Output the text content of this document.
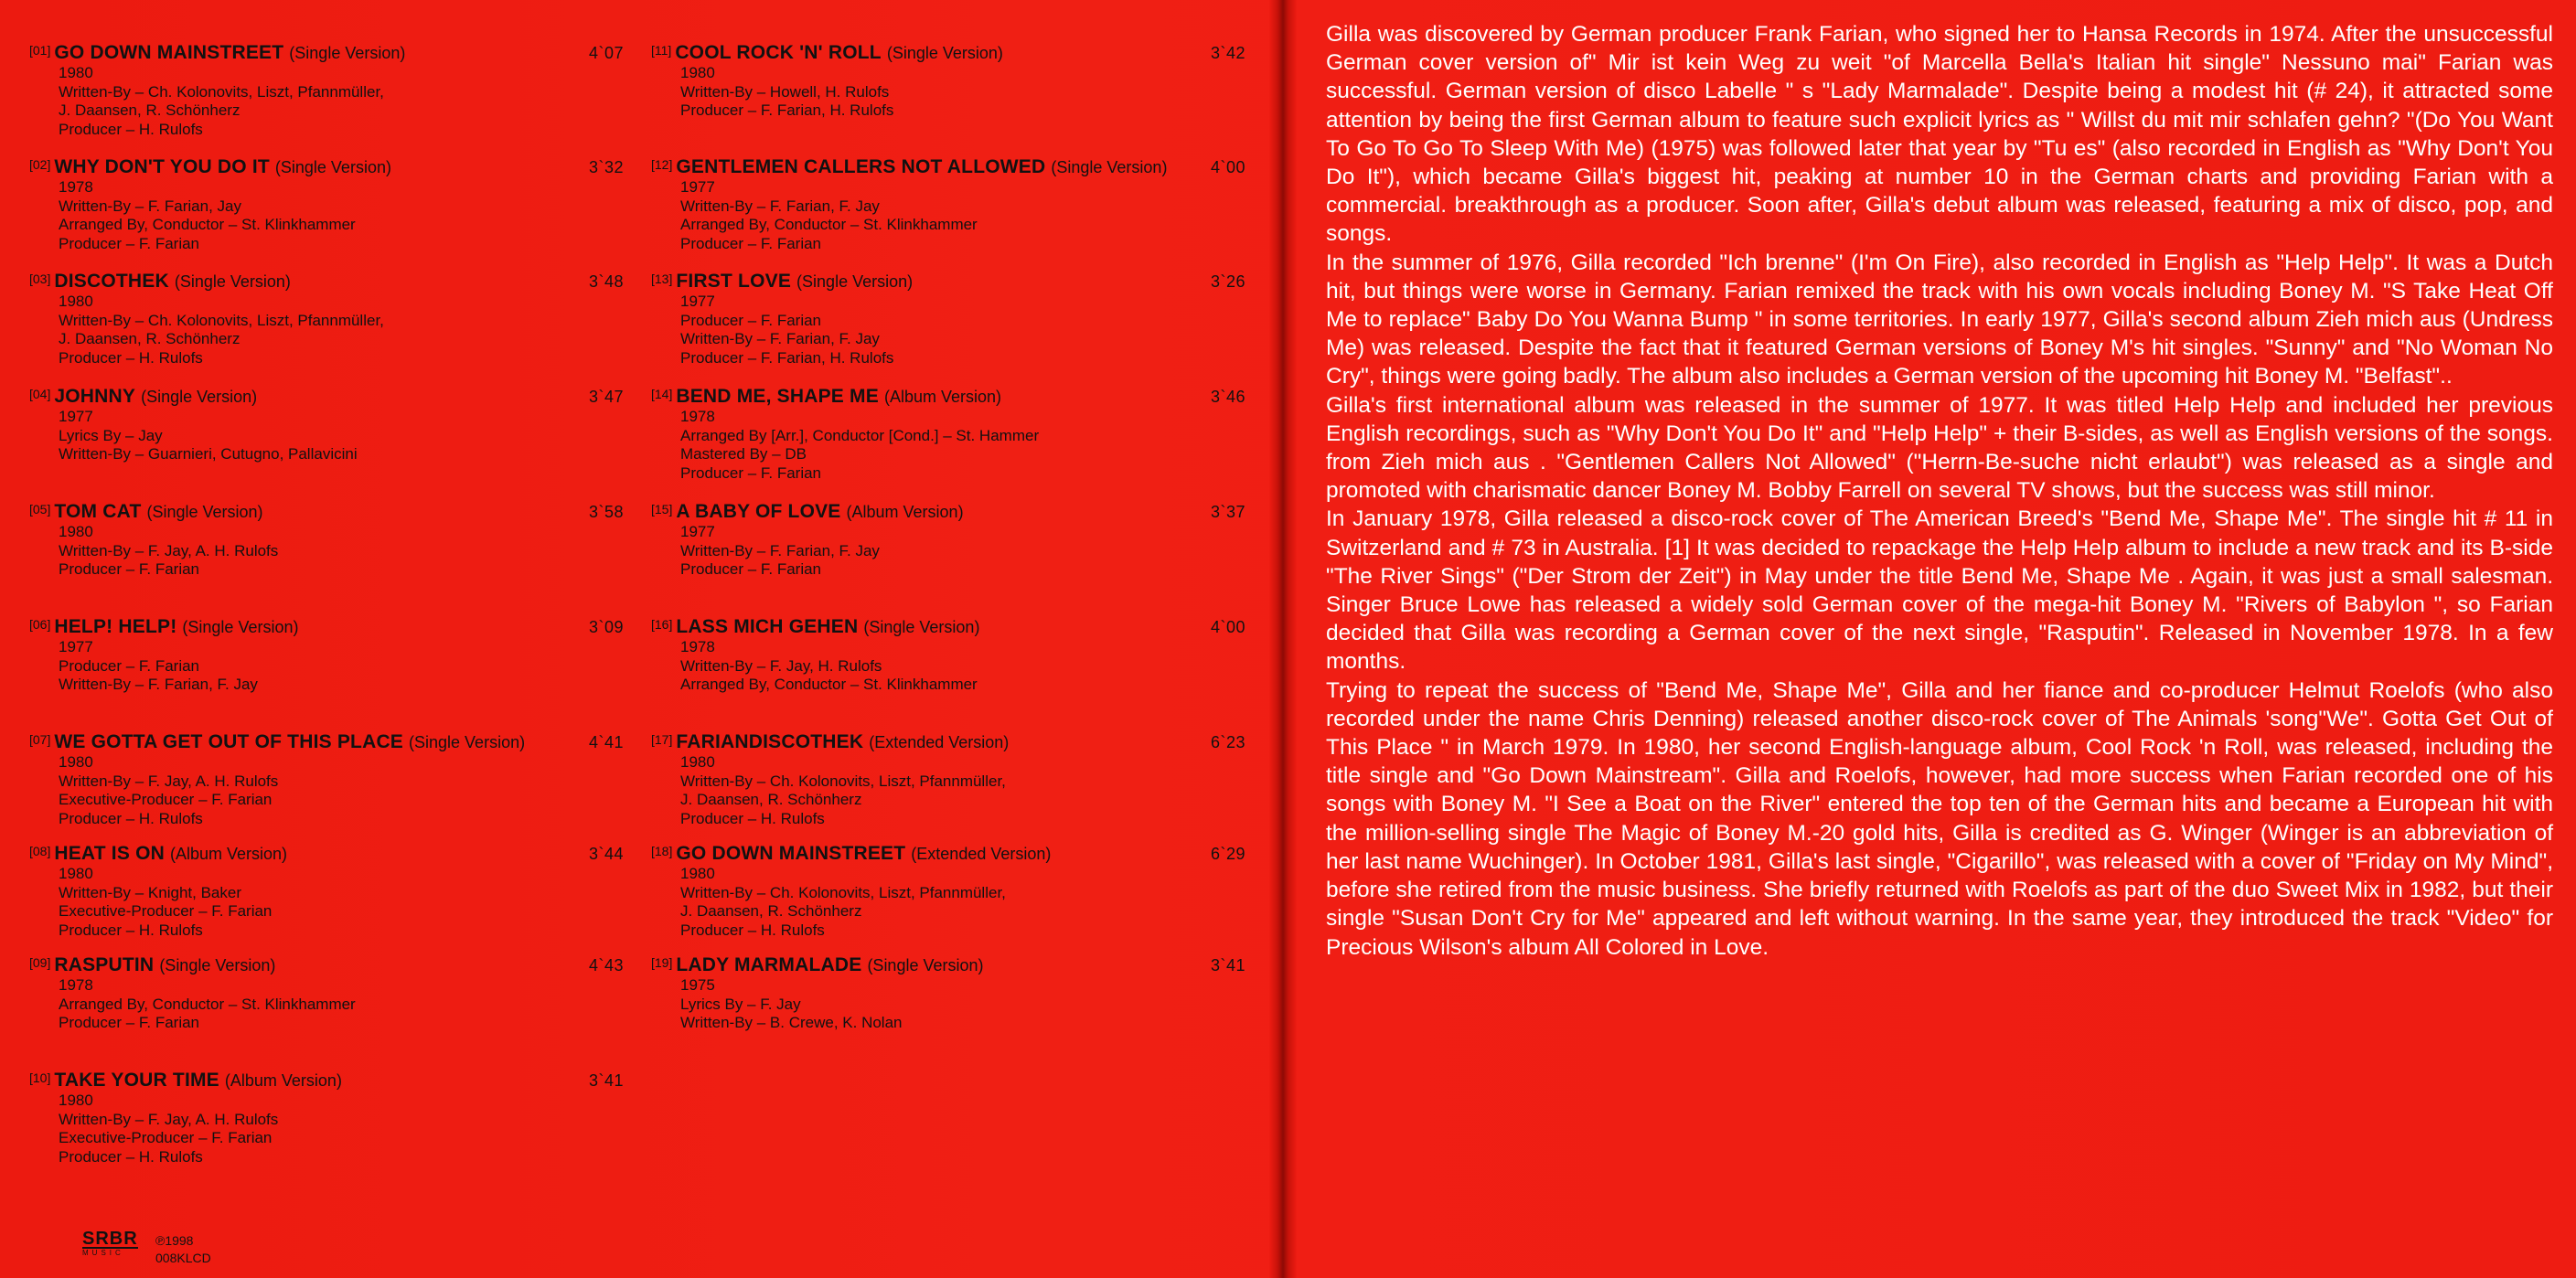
[01] GO DOWN MAINSTREET (Single Version)	4`07
1980
Written-By – Ch. Kolonovits, Liszt, Pfannmüller,
J. Daansen, R. Schönherz
Producer – H. Rulofs
[02] WHY DON'T YOU DO IT (Single Version)	3`32
1978
Written-By – F. Farian, Jay
Arranged By, Conductor – St. Klinkhammer
Producer – F. Farian
[03] DISCOTHEK (Single Version)	3`48
1980
Written-By – Ch. Kolonovits, Liszt, Pfannmüller,
J. Daansen, R. Schönherz
Producer – H. Rulofs
[04] JOHNNY (Single Version)	3`47
1977
Lyrics By – Jay
Written-By – Guarnieri, Cutugno, Pallavicini
[05] TOM CAT (Single Version)	3`58
1980
Written-By – F. Jay, A. H. Rulofs
Producer – F. Farian
[06] HELP! HELP! (Single Version)	3`09
1977
Producer – F. Farian
Written-By – F. Farian, F. Jay
[07] WE GOTTA GET OUT OF THIS PLACE (Single Version)	4`41
1980
Written-By – F. Jay, A. H. Rulofs
Executive-Producer – F. Farian
Producer – H. Rulofs
[08] HEAT IS ON (Album Version)	3`44
1980
Written-By – Knight, Baker
Executive-Producer – F. Farian
Producer – H. Rulofs
[09] RASPUTIN (Single Version)	4`43
1978
Arranged By, Conductor – St. Klinkhammer
Producer – F. Farian
[10] TAKE YOUR TIME (Album Version)	3`41
1980
Written-By – F. Jay, A. H. Rulofs
Executive-Producer – F. Farian
Producer – H. Rulofs
[11] COOL ROCK 'N' ROLL (Single Version)	3`42
1980
Written-By – Howell, H. Rulofs
Producer – F. Farian, H. Rulofs
[12] GENTLEMEN CALLERS NOT ALLOWED (Single Version)	4`00
1977
Written-By – F. Farian, F. Jay
Arranged By, Conductor – St. Klinkhammer
Producer – F. Farian
[13] FIRST LOVE (Single Version)	3`26
1977
Producer – F. Farian
Written-By – F. Farian, F. Jay
Producer – F. Farian, H. Rulofs
[14] BEND ME, SHAPE ME (Album Version)	3`46
1978
Arranged By [Arr.], Conductor [Cond.] – St. Hammer
Mastered By – DB
Producer – F. Farian
[15] A BABY OF LOVE (Album Version)	3`37
1977
Written-By – F. Farian, F. Jay
Producer – F. Farian
[16] LASS MICH GEHEN (Single Version)	4`00
1978
Written-By – F. Jay, H. Rulofs
Arranged By, Conductor – St. Klinkhammer
[17] FARIANDISCOTHEK (Extended Version)	6`23
1980
Written-By – Ch. Kolonovits, Liszt, Pfannmüller,
J. Daansen, R. Schönherz
Producer – H. Rulofs
[18] GO DOWN MAINSTREET (Extended Version)	6`29
1980
Written-By – Ch. Kolonovits, Liszt, Pfannmüller,
J. Daansen, R. Schönherz
Producer – H. Rulofs
[19] LADY MARMALADE (Single Version)	3`41
1975
Lyrics By – F. Jay
Written-By – B. Crewe, K. Nolan
SRBR
MUSIC
℗1998
008KLCD

Gilla was discovered by German producer Frank Farian, who signed her to Hansa Records in 1974. After the unsuccessful German cover version of" Mir ist kein Weg zu weit "of Marcella Bella's Italian hit single" Nessuno mai" Farian was successful. German version of disco Labelle " s "Lady Marmalade". Despite being a modest hit (# 24), it attracted some attention by being the first German album to feature such explicit lyrics as " Willst du mit mir schlafen gehn? "(Do You Want To Go To Go To Sleep With Me) (1975) was followed later that year by "Tu es" (also recorded in English as "Why Don't You Do It"), which became Gilla's biggest hit, peaking at number 10 in the German charts and providing Farian with a commercial. breakthrough as a producer. Soon after, Gilla's debut album was released, featuring a mix of disco, pop, and songs.

In the summer of 1976, Gilla recorded "Ich brenne" (I'm On Fire), also recorded in English as "Help Help". It was a Dutch hit, but things were worse in Germany. Farian remixed the track with his own vocals including Boney M. "S Take Heat Off Me to replace" Baby Do You Wanna Bump " in some territories. In early 1977, Gilla's second album Zieh mich aus (Undress Me) was released. Despite the fact that it featured German versions of Boney M's hit singles. "Sunny" and "No Woman No Cry", things were going badly. The album also includes a German version of the upcoming hit Boney M. "Belfast"..

Gilla's first international album was released in the summer of 1977. It was titled Help Help and included her previous English recordings, such as "Why Don't You Do It" and "Help Help" + their B-sides, as well as English versions of the songs. from Zieh mich aus . "Gentlemen Callers Not Allowed" ("Herrn-Be-suche nicht erlaubt") was released as a single and promoted with charismatic dancer Boney M. Bobby Farrell on several TV shows, but the success was still minor.

In January 1978, Gilla released a disco-rock cover of The American Breed's "Bend Me, Shape Me". The single hit # 11 in Switzerland and # 73 in Australia. [1] It was decided to repackage the Help Help album to include a new track and its B-side "The River Sings" ("Der Strom der Zeit") in May under the title Bend Me, Shape Me . Again, it was just a small salesman. Singer Bruce Lowe has released a widely sold German cover of the mega-hit Boney M. "Rivers of Babylon ", so Farian decided that Gilla was recording a German cover of the next single, "Rasputin". Released in November 1978. In a few months.

Trying to repeat the success of "Bend Me, Shape Me", Gilla and her fiance and co-producer Helmut Roelofs (who also recorded under the name Chris Denning) released another disco-rock cover of The Animals 'song"We". Gotta Get Out of This Place " in March 1979. In 1980, her second English-language album, Cool Rock 'n Roll, was released, including the title single and "Go Down Mainstream". Gilla and Roelofs, however, had more success when Farian recorded one of his songs with Boney M. "I See a Boat on the River" entered the top ten of the German hits and became a European hit with the million-selling single The Magic of Boney M.-20 gold hits, Gilla is credited as G. Winger (Winger is an abbreviation of her last name Wuchinger). In October 1981, Gilla's last single, "Cigarillo", was released with a cover of "Friday on My Mind", before she retired from the music business. She briefly returned with Roelofs as part of the duo Sweet Mix in 1982, but their single "Susan Don't Cry for Me" appeared and left without warning. In the same year, they introduced the track "Video" for Precious Wilson's album All Colored in Love.
